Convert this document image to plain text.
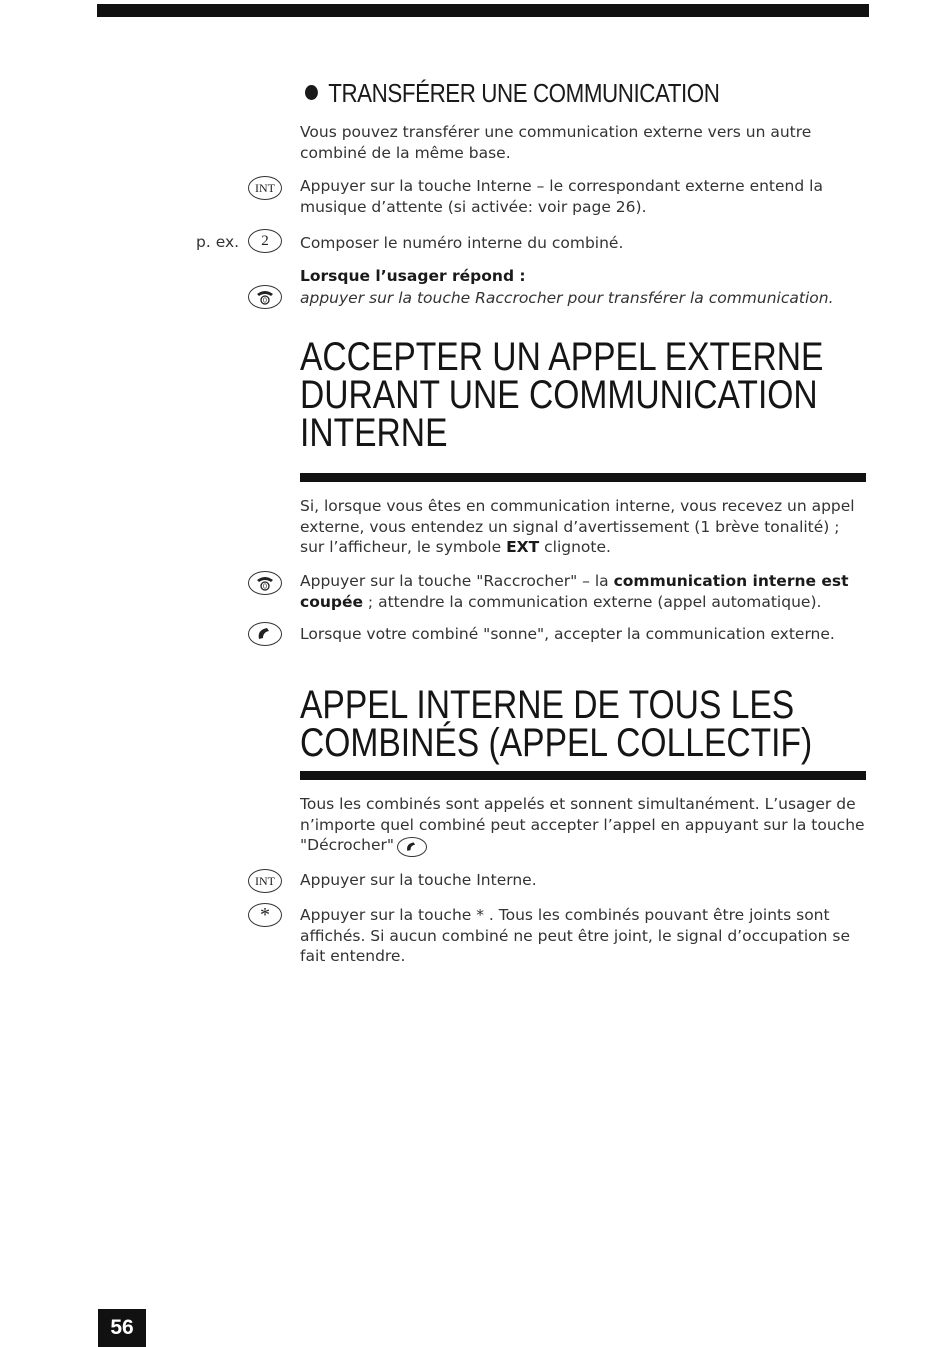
TRANSFÉRER UNE COMMUNICATION

Vous pouvez transférer une communication externe vers un autre combiné de la même base.

INT Appuyer sur la touche Interne – le correspondant externe entend la musique d’attente (si activée: voir page 26).
p. ex. 2 Composer le numéro interne du combiné.
Lorsque l’usager répond :
0 appuyer sur la touche Raccrocher pour transférer la communication.
ACCEPTER UN APPEL EXTERNE
DURANT UNE COMMUNICATION
INTERNE

Si, lorsque vous êtes en communication interne, vous recevez un appel externe, vous entendez un signal d’avertissement (1 brève tonalité) ; sur l’afficheur, le symbole EXT clignote.

0 Appuyer sur la touche "Raccrocher" – la communication interne est coupée ; attendre la communication externe (appel automatique).
Lorsque votre combiné "sonne", accepter la communication externe.
APPEL INTERNE DE TOUS LES
COMBINÉS (APPEL COLLECTIF)

Tous les combinés sont appelés et sonnent simultanément. L’usager de n’importe quel combiné peut accepter l’appel en appuyant sur la touche "Décrocher"

INT Appuyer sur la touche Interne.
* Appuyer sur la touche * . Tous les combinés pouvant être joints sont affichés. Si aucun combiné ne peut être joint, le signal d’occupation se fait entendre.
56
